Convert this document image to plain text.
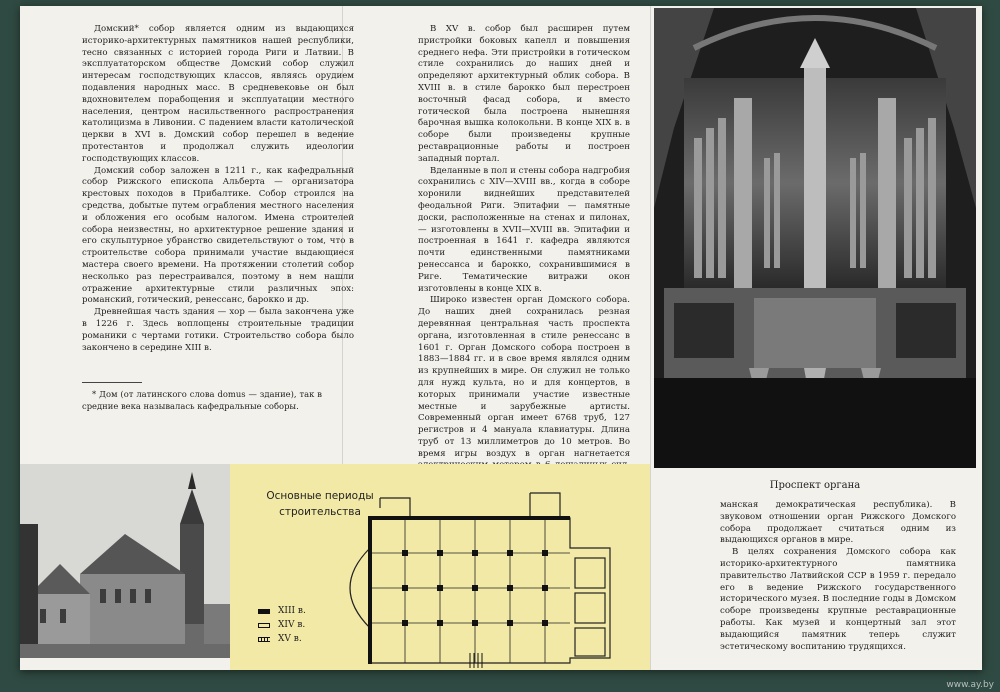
Домский* собор является одним из выдающихся историко-архитектурных памятников нашей республики, тесно связанных с историей города Риги и Латвии. В эксплуататорском обществе Домский собор служил интересам господствующих классов, являясь орудием подавления народных масс. В средневековье он был вдохновителем порабощения и эксплуатации местного населения, центром насильственного распространения католицизма в Ливонии. С падением власти католической церкви в XVI в. Домский собор перешел в ведение протестантов и продолжал служить идеологии господствующих классов.

Домский собор заложен в 1211 г., как кафедральный собор Рижского епископа Альберта — организатора крестовых походов в Прибалтике. Собор строился на средства, добытые путем ограбления местного населения и обложения его особым налогом. Имена строителей собора неизвестны, но архитектурное решение здания и его скульптурное убранство свидетельствуют о том, что в строительстве собора принимали участие выдающиеся мастера своего времени. На протяжении столетий собор несколько раз перестраивался, поэтому в нем нашли отражение архитектурные стили различных эпох: романский, готический, ренессанс, барокко и др.

Древнейшая часть здания — хор — была закончена уже в 1226 г. Здесь воплощены строительные традиции романики с чертами готики. Строительство собора было закончено в середине XIII в.

* Дом (от латинского слова domus — здание), так в средние века называлась кафедральные соборы.

В XV в. собор был расширен путем пристройки боковых капелл и повышения среднего нефа. Эти пристройки в готическом стиле сохранились до наших дней и определяют архитектурный облик собора. В XVIII в. в стиле барокко был перестроен восточный фасад собора, и вместо готической была построена нынешняя барочная вышка колокольни. В конце XIX в. в соборе были произведены крупные реставрационные работы и построен западный портал.

Вделанные в пол и стены собора надгробия сохранились с XIV—XVIII вв., когда в соборе хоронили виднейших представителей феодальной Риги. Эпитафии — памятные доски, расположенные на стенах и пилонах, — изготовлены в XVII—XVIII вв. Эпитафии и построенная в 1641 г. кафедра являются почти единственными памятниками ренессанса и барокко, сохранившимися в Риге. Тематические витражи окон изготовлены в конце XIX в.

Широко известен орган Домского собора. До наших дней сохранилась резная деревянная центральная часть проспекта органа, изготовленная в стиле ренессанс в 1601 г. Орган Домского собора построен в 1883—1884 гг. и в свое время являлся одним из крупнейших в мире. Он служил не только для нужд культа, но и для концертов, в которых принимали участие известные местные и зарубежные артисты. Современный орган имеет 6768 труб, 127 регистров и 4 мануала клавиатуры. Длина труб от 13 миллиметров до 10 метров. Во время игры воздух в орган нагнетается

Проспект органа

манская демократическая республика). В звуковом отношении орган Рижского Домского собора продолжает считаться одним из выдающихся органов в мире.

В целях сохранения Домского собора как историко-архитектурного памятника правительство Латвийской ССР в 1959 г. передало его в ведение Рижского государственного исторического музея. В последние годы в Домском соборе произведены крупные реставрационные работы. Как музей и концертный зал этот выдающийся памятник теперь служит эстетическому воспитанию трудящихся.

Основные периоды строительства
XIII в.
XIV в.
XV в.
www.ay.by
